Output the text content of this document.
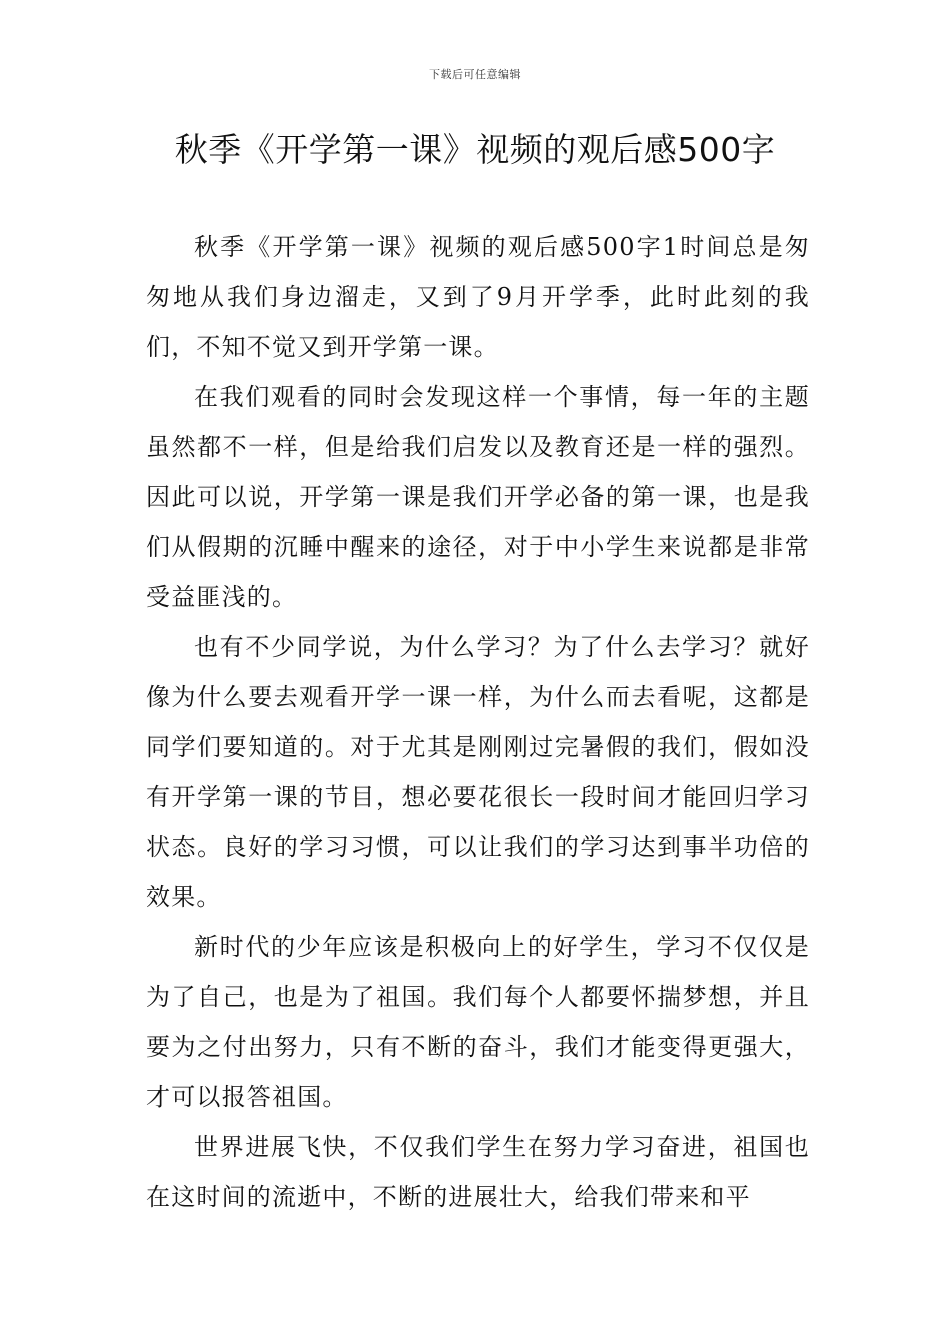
下载后可任意编辑
秋季《开学第一课》视频的观后感500字

秋季《开学第一课》视频的观后感500字1时间总是匆匆地从我们身边溜走，又到了9月开学季，此时此刻的我们，不知不觉又到开学第一课。

在我们观看的同时会发现这样一个事情，每一年的主题虽然都不一样，但是给我们启发以及教育还是一样的强烈。因此可以说，开学第一课是我们开学必备的第一课，也是我们从假期的沉睡中醒来的途径，对于中小学生来说都是非常受益匪浅的。

也有不少同学说，为什么学习？为了什么去学习？就好像为什么要去观看开学一课一样，为什么而去看呢，这都是同学们要知道的。对于尤其是刚刚过完暑假的我们，假如没有开学第一课的节目，想必要花很长一段时间才能回归学习状态。良好的学习习惯，可以让我们的学习达到事半功倍的效果。

新时代的少年应该是积极向上的好学生，学习不仅仅是为了自己，也是为了祖国。我们每个人都要怀揣梦想，并且要为之付出努力，只有不断的奋斗，我们才能变得更强大，才可以报答祖国。

世界进展飞快，不仅我们学生在努力学习奋进，祖国也在这时间的流逝中，不断的进展壮大，给我们带来和平
